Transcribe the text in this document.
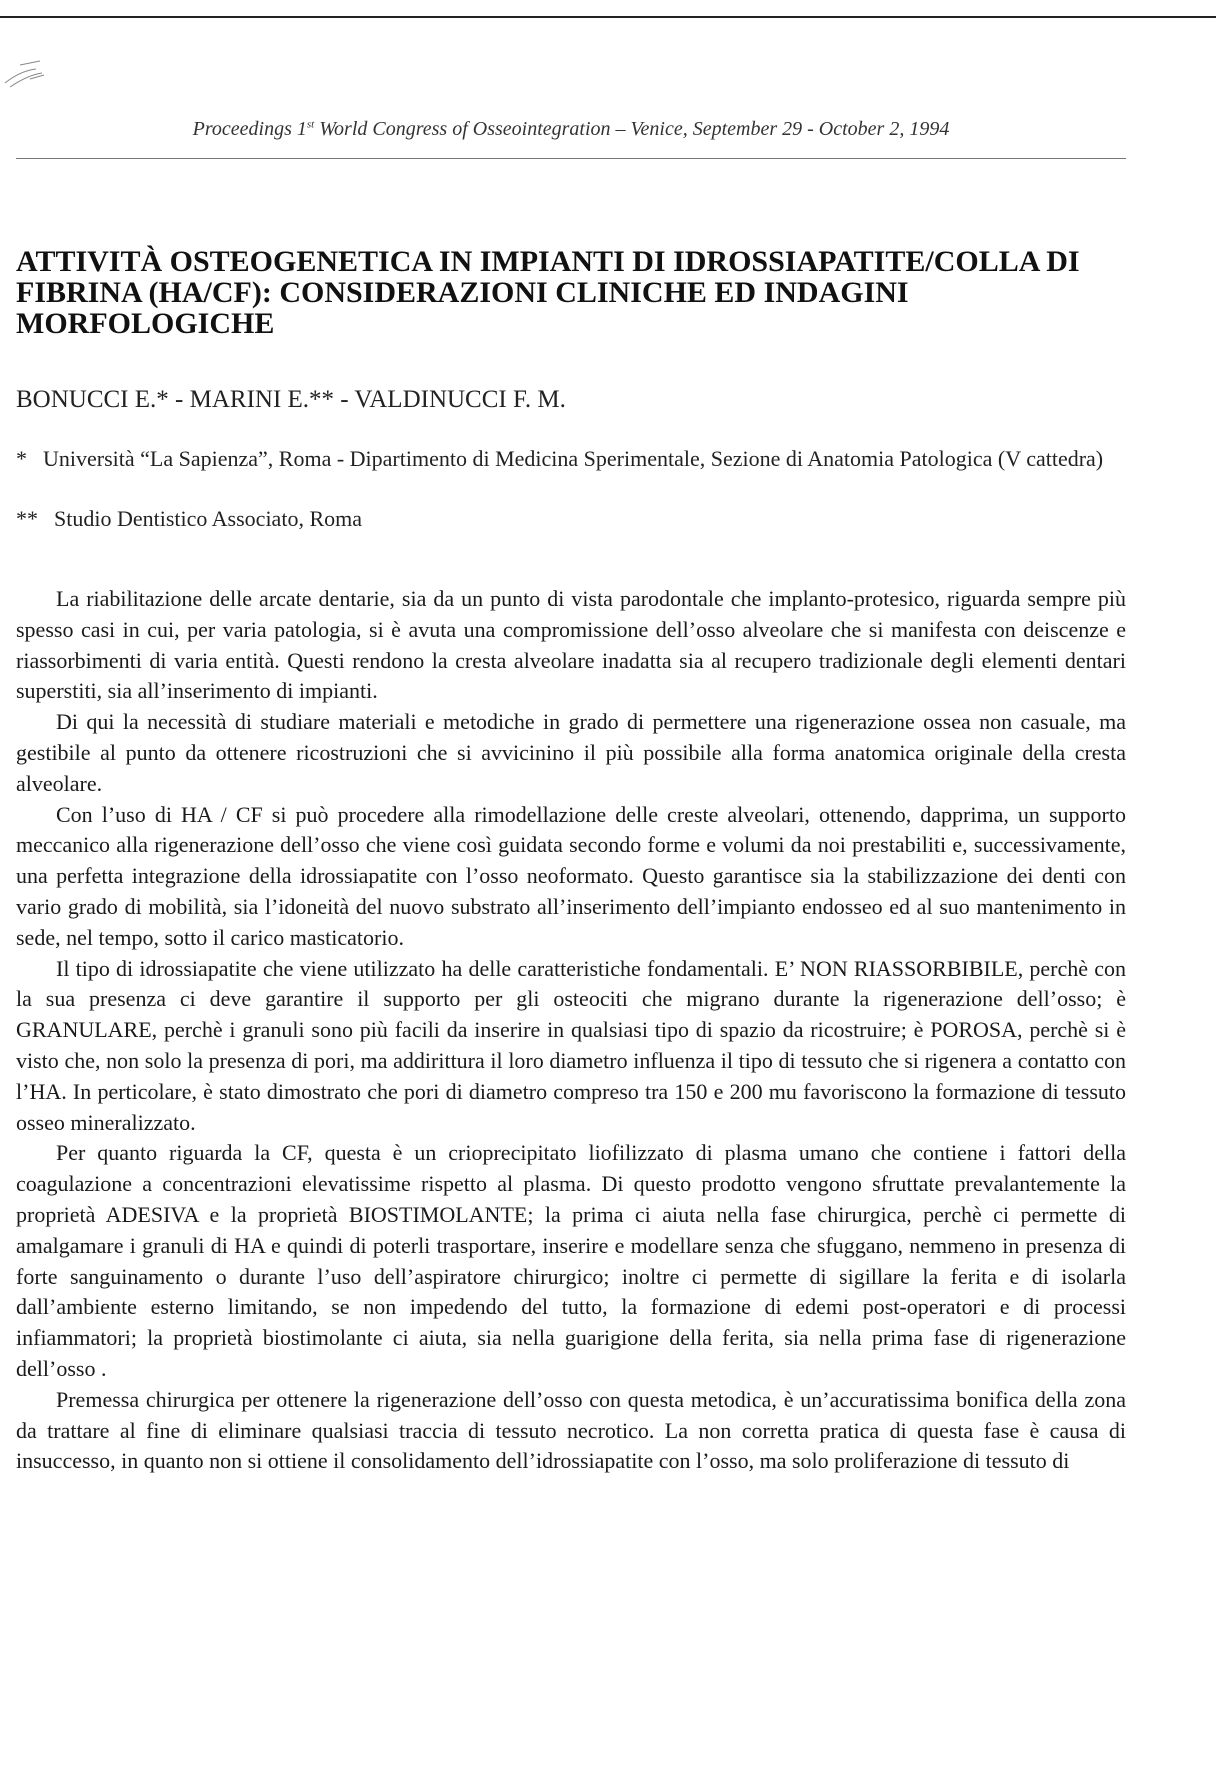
Proceedings 1st World Congress of Osseointegration – Venice, September 29 - October 2, 1994
ATTIVITÀ OSTEOGENETICA IN IMPIANTI DI IDROSSIAPATITE/COLLA DI FIBRINA (HA/CF): CONSIDERAZIONI CLINICHE ED INDAGINI MORFOLOGICHE
BONUCCI E.* - MARINI E.** - VALDINUCCI F. M.
* Università “La Sapienza”, Roma - Dipartimento di Medicina Sperimentale, Sezione di Anatomia Patologica (V cattedra)
** Studio Dentistico Associato, Roma

La riabilitazione delle arcate dentarie, sia da un punto di vista parodontale che implanto-protesico, riguarda sempre più spesso casi in cui, per varia patologia, si è avuta una compromissione dell’osso alveolare che si manifesta con deiscenze e riassorbimenti di varia entità. Questi rendono la cresta alveolare inadatta sia al recupero tradizionale degli elementi dentari superstiti, sia all’inserimento di impianti.

Di qui la necessità di studiare materiali e metodiche in grado di permettere una rigenerazione ossea non casuale, ma gestibile al punto da ottenere ricostruzioni che si avvicinino il più possibile alla forma anatomica originale della cresta alveolare.

Con l’uso di HA / CF si può procedere alla rimodellazione delle creste alveolari, ottenendo, dapprima, un supporto meccanico alla rigenerazione dell’osso che viene così guidata secondo forme e volumi da noi prestabiliti e, successivamente, una perfetta integrazione della idrossiapatite con l’osso neoformato. Questo garantisce sia la stabilizzazione dei denti con vario grado di mobilità, sia l’idoneità del nuovo substrato all’inserimento dell’impianto endosseo ed al suo mantenimento in sede, nel tempo, sotto il carico masticatorio.

Il tipo di idrossiapatite che viene utilizzato ha delle caratteristiche fondamentali. E’ NON RIASSORBIBILE, perchè con la sua presenza ci deve garantire il supporto per gli osteociti che migrano durante la rigenerazione dell’osso; è GRANULARE, perchè i granuli sono più facili da inserire in qualsiasi tipo di spazio da ricostruire; è POROSA, perchè si è visto che, non solo la presenza di pori, ma addirittura il loro diametro influenza il tipo di tessuto che si rigenera a contatto con l’HA. In perticolare, è stato dimostrato che pori di diametro compreso tra 150 e 200 mu favoriscono la formazione di tessuto osseo mineralizzato.

Per quanto riguarda la CF, questa è un crioprecipitato liofilizzato di plasma umano che contiene i fattori della coagulazione a concentrazioni elevatissime rispetto al plasma. Di questo prodotto vengono sfruttate prevalantemente la proprietà ADESIVA e la proprietà BIOSTIMOLANTE; la prima ci aiuta nella fase chirurgica, perchè ci permette di amalgamare i granuli di HA e quindi di poterli trasportare, inserire e modellare senza che sfuggano, nemmeno in presenza di forte sanguinamento o durante l’uso dell’aspiratore chirurgico; inoltre ci permette di sigillare la ferita e di isolarla dall’ambiente esterno limitando, se non impedendo del tutto, la formazione di edemi post-operatori e di processi infiammatori; la proprietà biostimolante ci aiuta, sia nella guarigione della ferita, sia nella prima fase di rigenerazione dell’osso .

Premessa chirurgica per ottenere la rigenerazione dell’osso con questa metodica, è un’accuratissima bonifica della zona da trattare al fine di eliminare qualsiasi traccia di tessuto necrotico. La non corretta pratica di questa fase è causa di insuccesso, in quanto non si ottiene il consolidamento dell’idrossiapatite con l’osso, ma solo proliferazione di tessuto di
